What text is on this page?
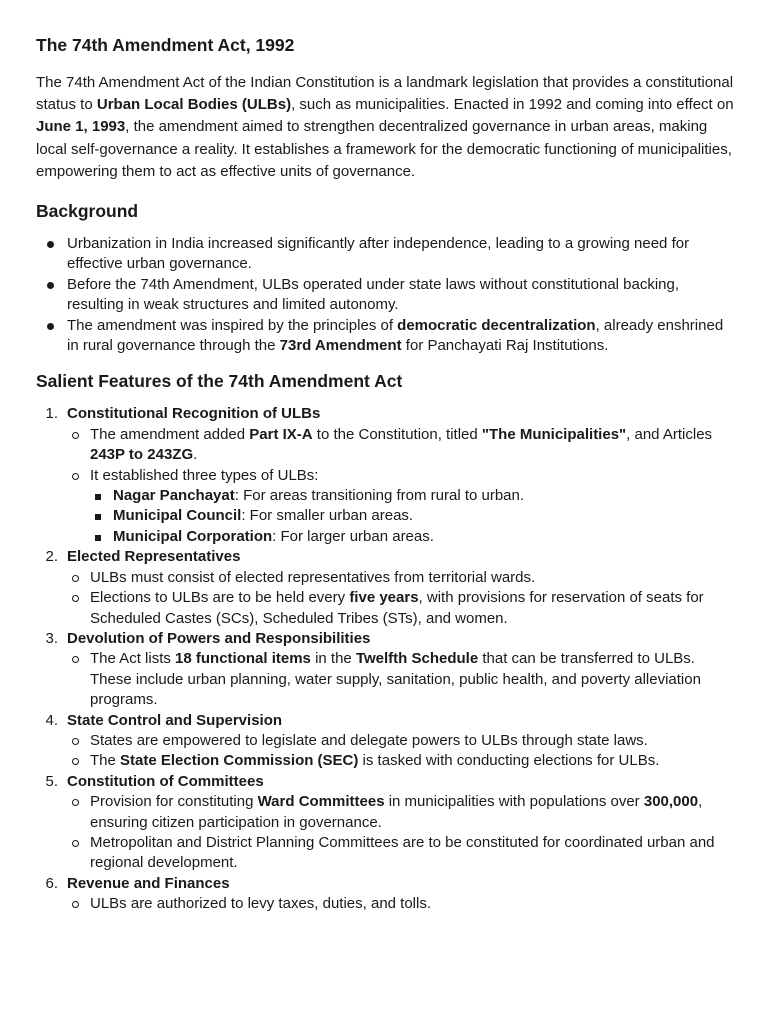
The 74th Amendment Act, 1992

The 74th Amendment Act of the Indian Constitution is a landmark legislation that provides a constitutional status to Urban Local Bodies (ULBs), such as municipalities. Enacted in 1992 and coming into effect on June 1, 1993, the amendment aimed to strengthen decentralized governance in urban areas, making local self-governance a reality. It establishes a framework for the democratic functioning of municipalities, empowering them to act as effective units of governance.

Background
Urbanization in India increased significantly after independence, leading to a growing need for effective urban governance.
Before the 74th Amendment, ULBs operated under state laws without constitutional backing, resulting in weak structures and limited autonomy.
The amendment was inspired by the principles of democratic decentralization, already enshrined in rural governance through the 73rd Amendment for Panchayati Raj Institutions.
Salient Features of the 74th Amendment Act
1. Constitutional Recognition of ULBs
The amendment added Part IX-A to the Constitution, titled "The Municipalities", and Articles 243P to 243ZG.
It established three types of ULBs:
Nagar Panchayat: For areas transitioning from rural to urban.
Municipal Council: For smaller urban areas.
Municipal Corporation: For larger urban areas.
2. Elected Representatives
ULBs must consist of elected representatives from territorial wards.
Elections to ULBs are to be held every five years, with provisions for reservation of seats for Scheduled Castes (SCs), Scheduled Tribes (STs), and women.
3. Devolution of Powers and Responsibilities
The Act lists 18 functional items in the Twelfth Schedule that can be transferred to ULBs. These include urban planning, water supply, sanitation, public health, and poverty alleviation programs.
4. State Control and Supervision
States are empowered to legislate and delegate powers to ULBs through state laws.
The State Election Commission (SEC) is tasked with conducting elections for ULBs.
5. Constitution of Committees
Provision for constituting Ward Committees in municipalities with populations over 300,000, ensuring citizen participation in governance.
Metropolitan and District Planning Committees are to be constituted for coordinated urban and regional development.
6. Revenue and Finances
ULBs are authorized to levy taxes, duties, and tolls.
